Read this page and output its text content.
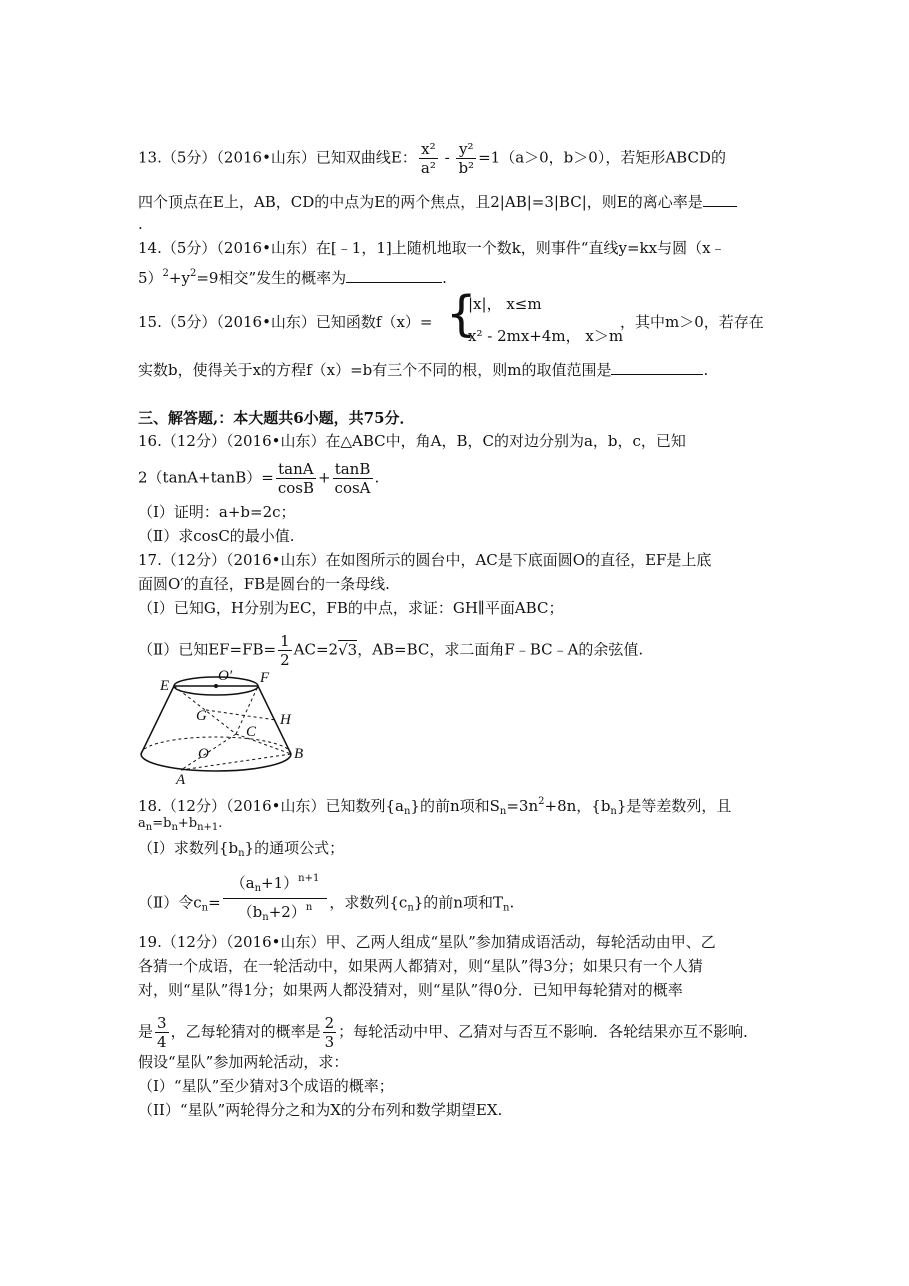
13.（5分）（2016•山东）已知双曲线E： $\frac{\text{x²}}{\text{a²}} - \frac{\text{y²}}{\text{b²}} =1(a>0$，b＞0），若矩形ABCD的
四个顶点在E上，AB，CD的中点为E的两个焦点，且2|AB|=3|BC|，则E的离心率是
.
14.（5分）（2016•山东）在[﹣1，1]上随机地取一个数k，则事件“直线y=kx与圆（x﹣
$5)^2+y^2=9$相交”发生的概率为	.
15.（5分）（2016•山东）已知函数f（x）= {
|x|， x≤m
x² - 2mx+4m， x＞m
，其中m＞0，若存在
实数b，使得关于x的方程f（x）=b有三个不同的根，则m的取值范围是	.
三、解答题,：本大题共6小题，共75分．
16.（12分）（2016•山东）在△ABC中，角A，B，C的对边分别为a，b，c，已知
$2(\tan A+\tan B)= \frac{\tan A}{\cos B} + \frac{\tan B}{\cos A}$ .
（Ⅰ）证明：a+b=2c；
（Ⅱ）求cosC的最小值.
17.（12分）（2016•山东）在如图所示的圆台中，AC是下底面圆O的直径，EF是上底
面圆O′的直径，FB是圆台的一条母线.
（I）已知G，H分别为EC，FB的中点，求证：GH∥平面ABC；
（Ⅱ）已知$EF=FB= \frac{1}{2} AC=2√3$，AB=BC，求二面角F﹣BC﹣A的余弦值.
E
O′ F
G	H
C
O	B
A
18.（12分）（2016•山东）已知数列$\{a_n\}$的前n项和$S_n=3n^2+8n$，$\{b_n\}$是等差数列，且
$a_n=b_n+b_{n+1}$.
（Ⅰ）求数列$\{b_n\}$的通项公式；
（Ⅱ）令$c_n= \frac{(a_n+1)^{n+1}}{(b_n+2)^n}$ ，求数列$\{c_n\}$的前n项和$T_n$.
19.（12分）（2016•山东）甲、乙两人组成“星队”参加猜成语活动，每轮活动由甲、乙
各猜一个成语，在一轮活动中，如果两人都猜对，则“星队”得3分；如果只有一个人猜
对，则“星队”得1分；如果两人都没猜对，则“星队”得0分．已知甲每轮猜对的概率
是 $\frac{3}{4}$ ，乙每轮猜对的概率是 $\frac{2}{3}$ ；每轮活动中甲、乙猜对与否互不影响．各轮结果亦互不影响．
假设“星队”参加两轮活动，求：
（I）“星队”至少猜对3个成语的概率；
（II）“星队”两轮得分之和为X的分布列和数学期望EX.
